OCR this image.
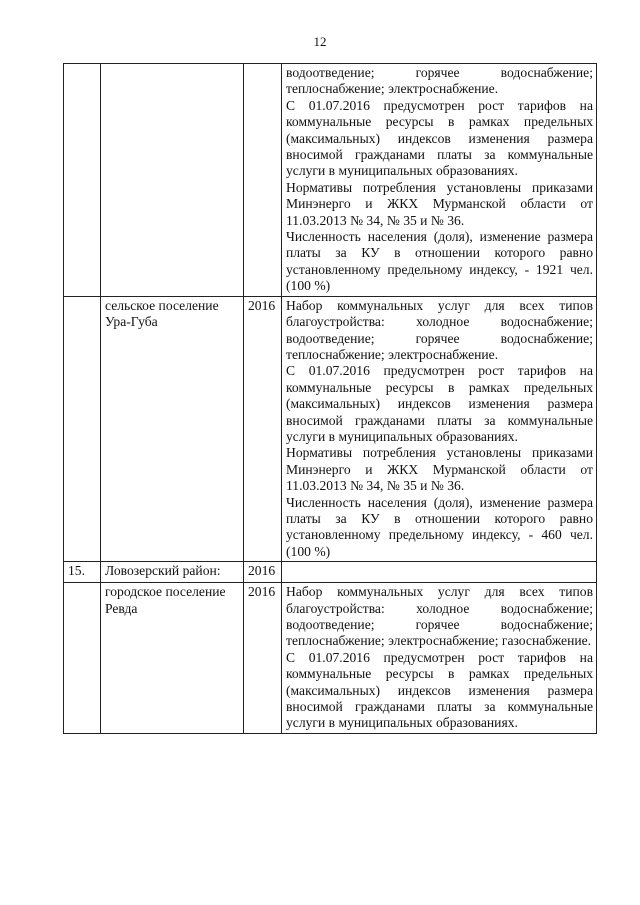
12

			водоотведение; горячее водоснабжение; теплоснабжение; электроснабжение.
С 01.07.2016 предусмотрен рост тарифов на коммунальные ресурсы в рамках предельных (максимальных) индексов изменения размера вносимой гражданами платы за коммунальные услуги в муниципальных образованиях.
Нормативы потребления установлены приказами Минэнерго и ЖКХ Мурманской области от 11.03.2013 № 34, № 35 и № 36.
Численность населения (доля), изменение размера платы за КУ в отношении которого равно установленному предельному индексу, - 1921 чел. (100 %)

	сельское поселение Ура-Губа	2016	Набор коммунальных услуг для всех типов благоустройства: холодное водоснабжение; водоотведение; горячее водоснабжение; теплоснабжение; электроснабжение.
С 01.07.2016 предусмотрен рост тарифов на коммунальные ресурсы в рамках предельных (максимальных) индексов изменения размера вносимой гражданами платы за коммунальные услуги в муниципальных образованиях.
Нормативы потребления установлены приказами Минэнерго и ЖКХ Мурманской области от 11.03.2013 № 34, № 35 и № 36.
Численность населения (доля), изменение размера платы за КУ в отношении которого равно установленному предельному индексу, - 460 чел. (100 %)

15.	Ловозерский район:	2016	
	городское поселение Ревда	2016	Набор коммунальных услуг для всех типов благоустройства: холодное водоснабжение; водоотведение; горячее водоснабжение; теплоснабжение; электроснабжение; газоснабжение.
С 01.07.2016 предусмотрен рост тарифов на коммунальные ресурсы в рамках предельных (максимальных) индексов изменения размера вносимой гражданами платы за коммунальные услуги в муниципальных образованиях.
